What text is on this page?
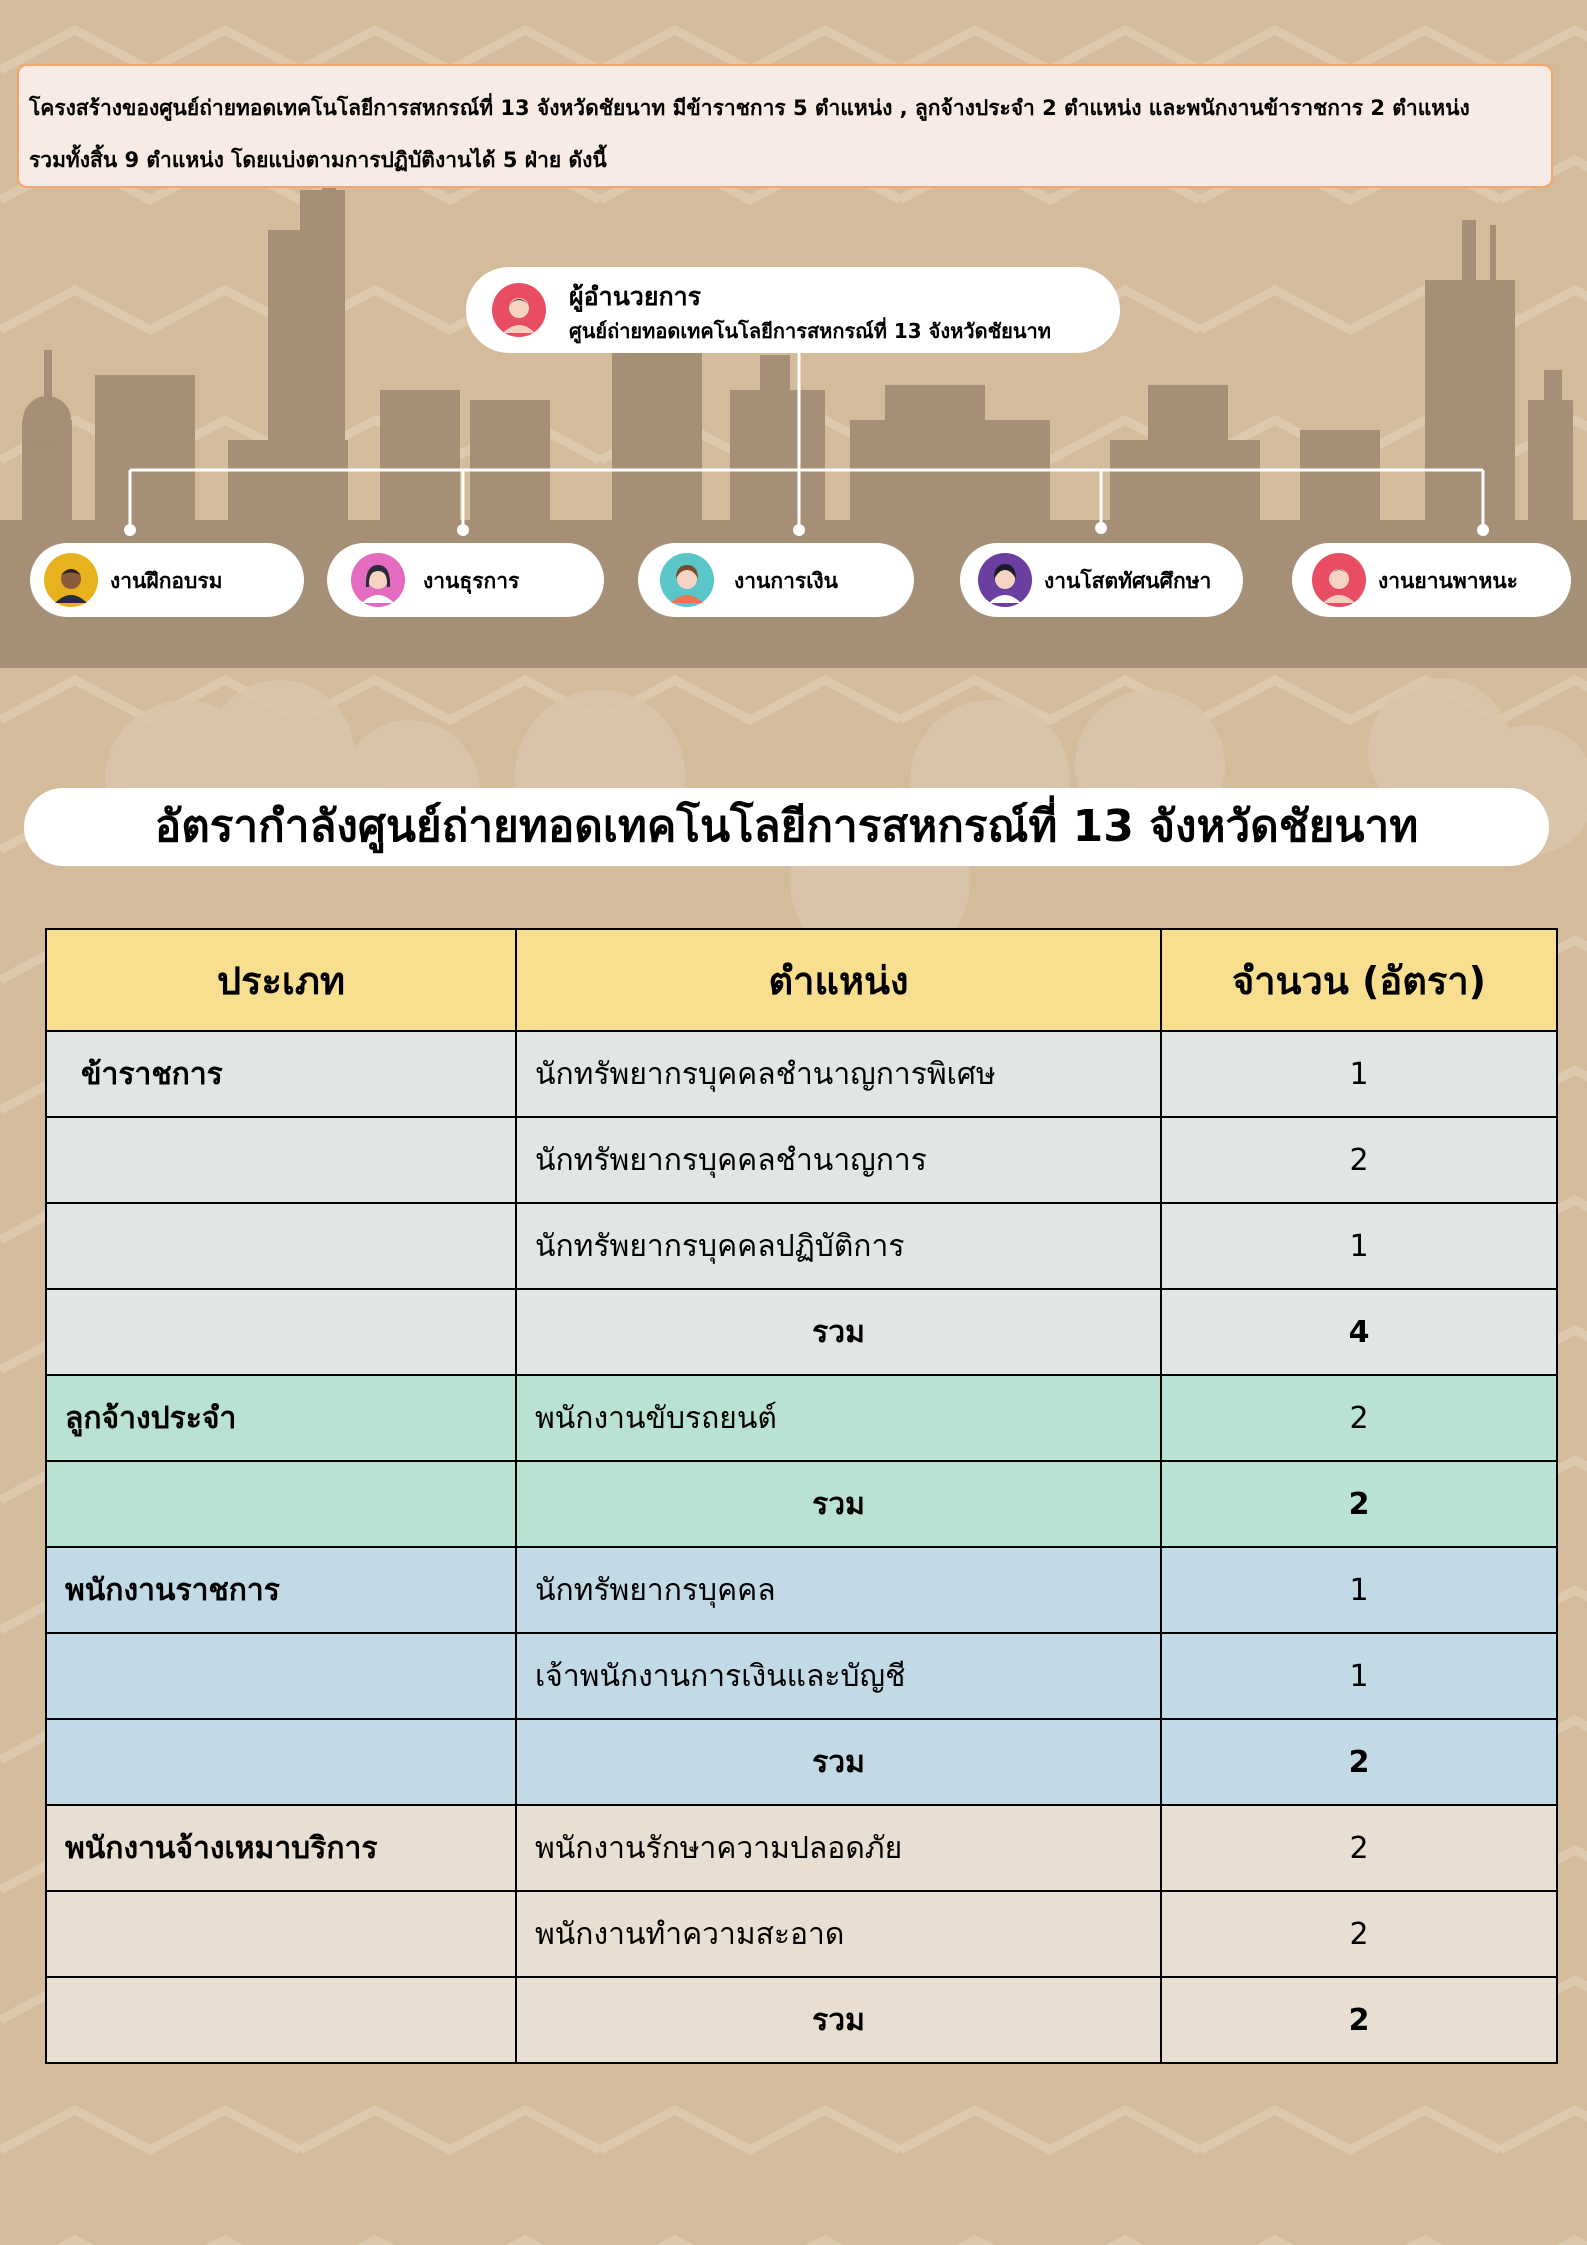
โครงสร้างของศูนย์ถ่ายทอดเทคโนโลยีการสหกรณ์ที่ 13 จังหวัดชัยนาท มีข้าราชการ 5 ตำแหน่ง , ลูกจ้างประจำ 2 ตำแหน่ง และพนักงานข้าราชการ 2 ตำแหน่ง
รวมทั้งสิ้น 9 ตำแหน่ง โดยแบ่งตามการปฏิบัติงานได้ 5 ฝ่าย ดังนี้
ผู้อำนวยการ
ศูนย์ถ่ายทอดเทคโนโลยีการสหกรณ์ที่ 13 จังหวัดชัยนาท
งานฝึกอบรม	งานธุรการ	งานการเงิน	งานโสตทัศนศึกษา	งานยานพาหนะ
อัตรากำลังศูนย์ถ่ายทอดเทคโนโลยีการสหกรณ์ที่ 13 จังหวัดชัยนาท
ประเภท	ตำแหน่ง	จำนวน (อัตรา)
ข้าราชการ	นักทรัพยากรบุคคลชำนาญการพิเศษ	1
	นักทรัพยากรบุคคลชำนาญการ	2
	นักทรัพยากรบุคคลปฏิบัติการ	1
	รวม	4
ลูกจ้างประจำ	พนักงานขับรถยนต์	2
	รวม	2
พนักงานราชการ	นักทรัพยากรบุคคล	1
	เจ้าพนักงานการเงินและบัญชี	1
	รวม	2
พนักงานจ้างเหมาบริการ	พนักงานรักษาความปลอดภัย	2
	พนักงานทำความสะอาด	2
	รวม	2
